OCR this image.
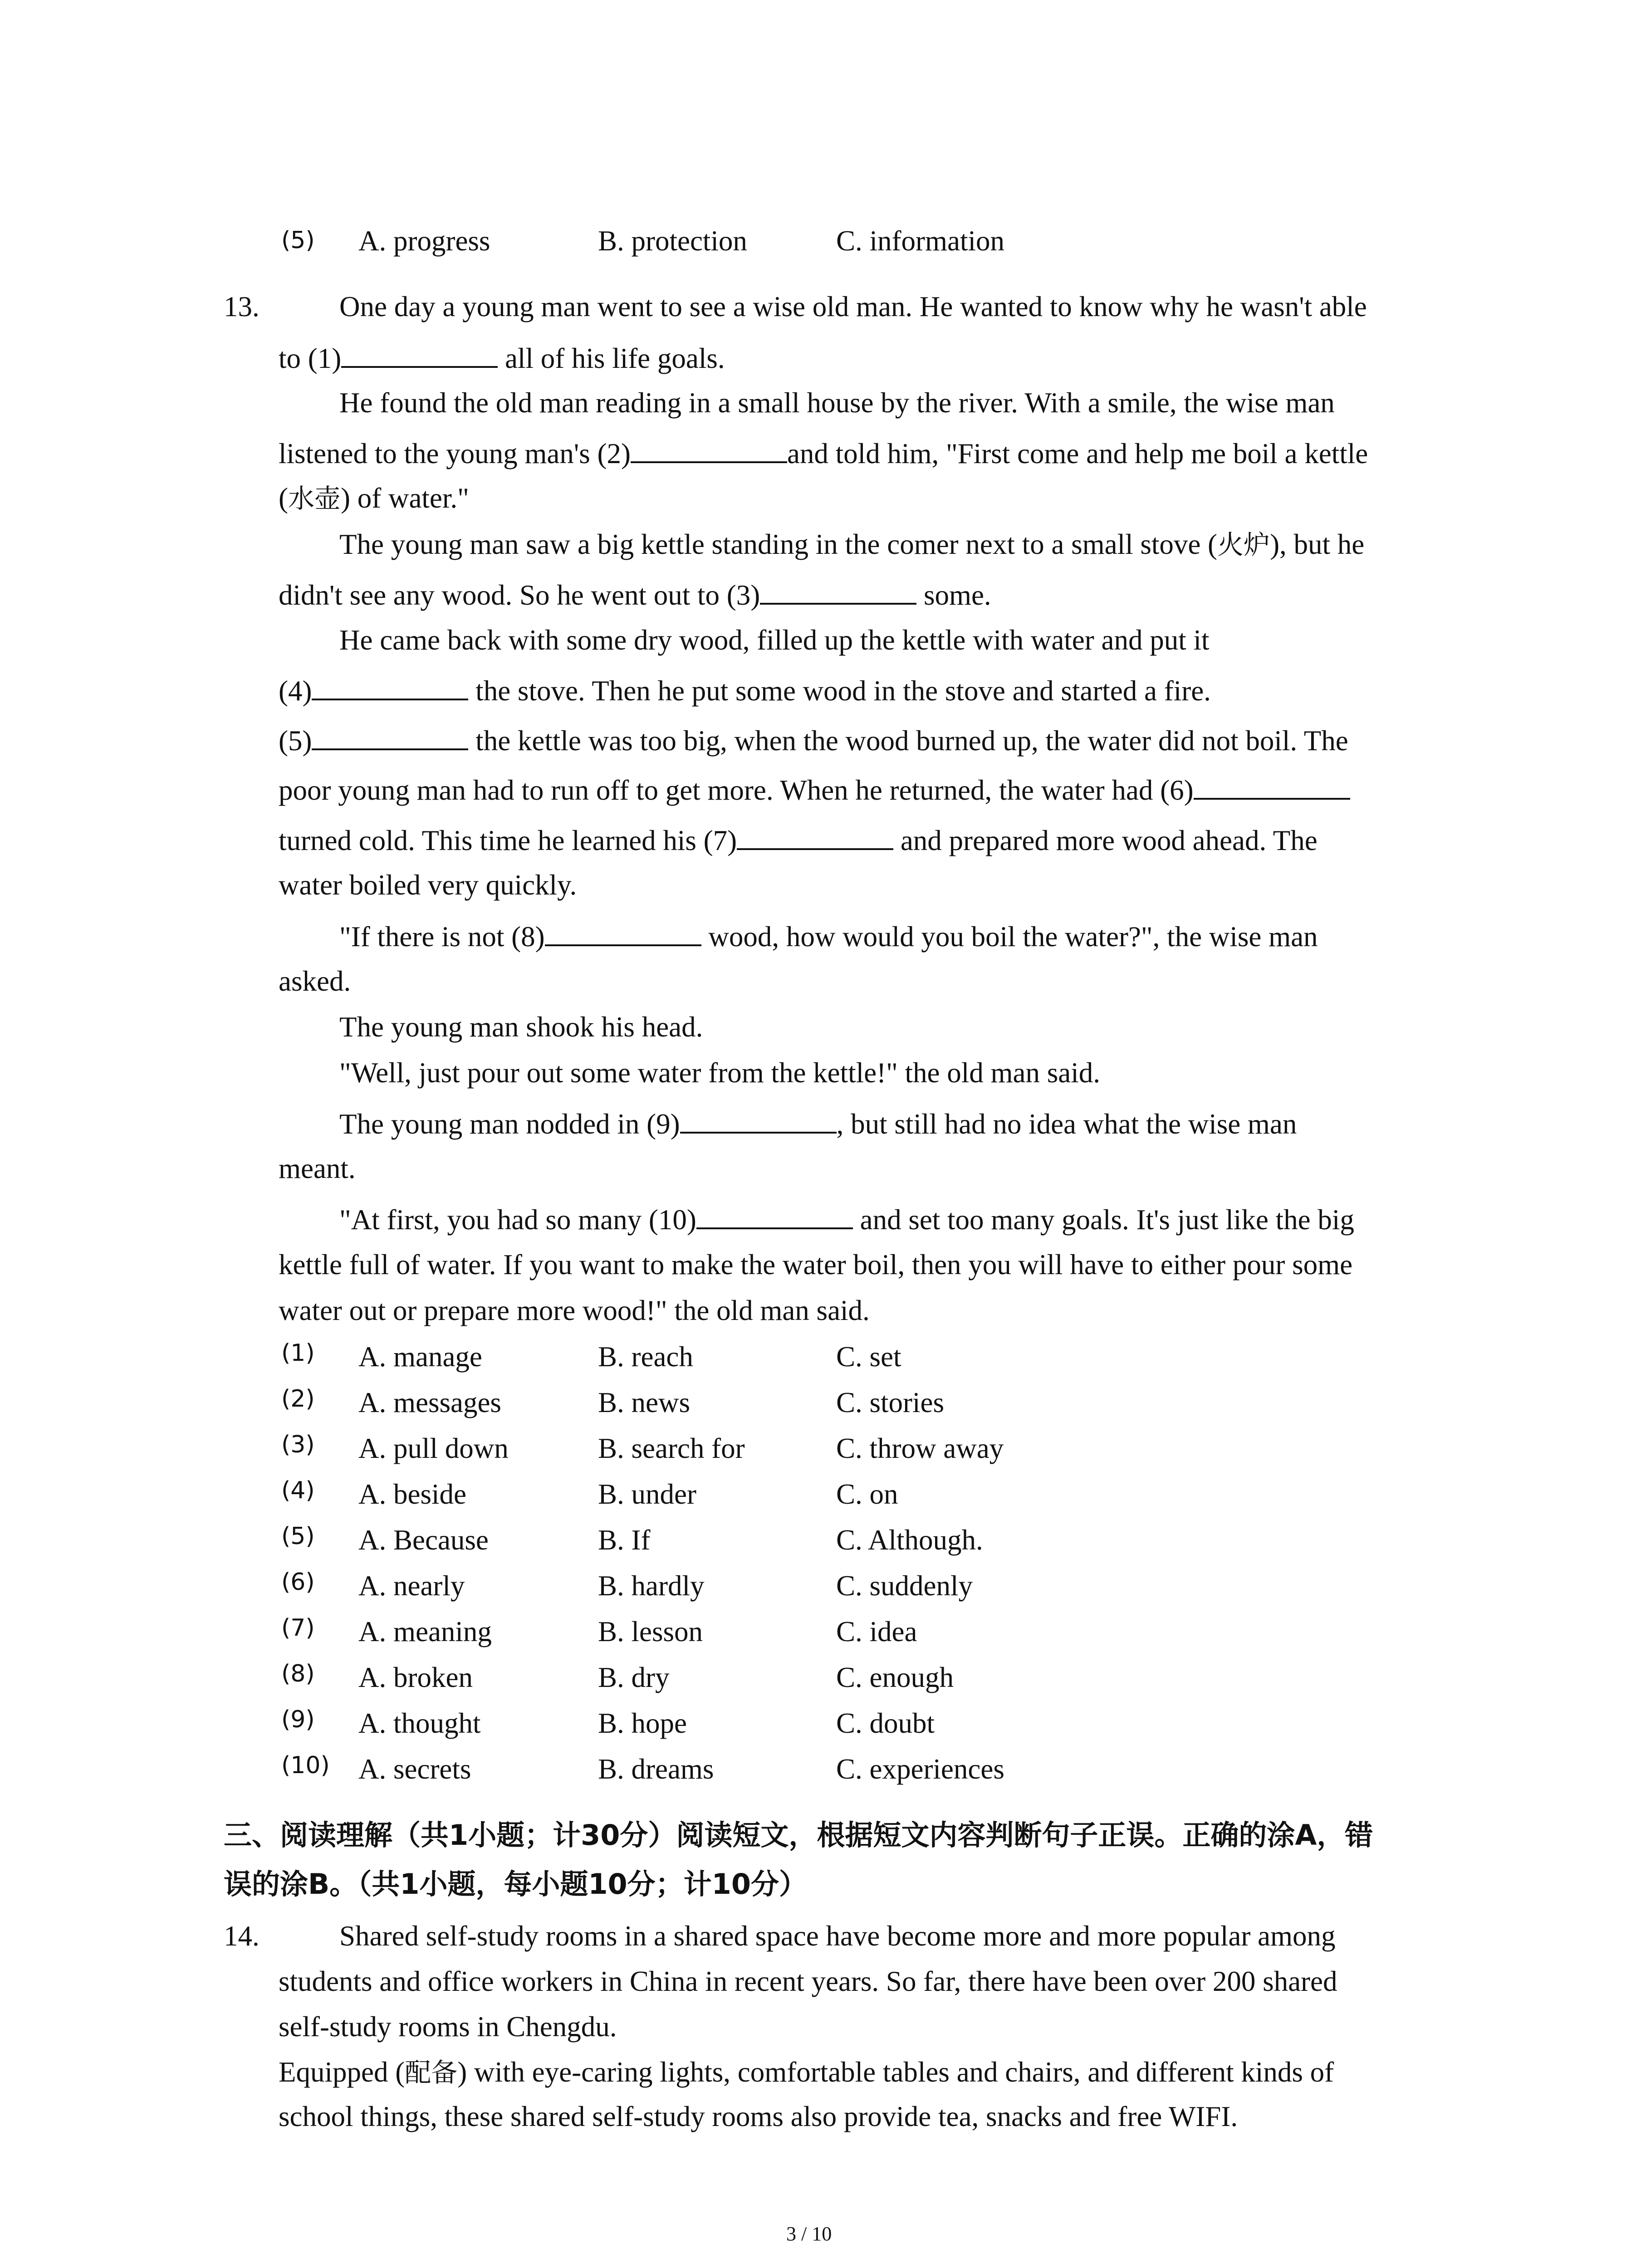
(5) A. progress	B. protection	C. information
13.	One day a young man went to see a wise old man. He wanted to know why he wasn't able
to (1)	all of his life goals.
He found the old man reading in a small house by the river. With a smile, the wise man
listened to the young man's (2)	and told him, "First come and help me boil a kettle
(水壶) of water."
The young man saw a big kettle standing in the comer next to a small stove (火炉), but he
didn't see any wood. So he went out to (3)	some.
He came back with some dry wood, filled up the kettle with water and put it
(4)	the stove. Then he put some wood in the stove and started a fire.
(5)	the kettle was too big, when the wood burned up, the water did not boil. The
poor young man had to run off to get more. When he returned, the water had (6)
turned cold. This time he learned his (7)	and prepared more wood ahead. The
water boiled very quickly.
"If there is not (8)	wood, how would you boil the water?", the wise man
asked.
The young man shook his head.
"Well, just pour out some water from the kettle!" the old man said.
The young man nodded in (9)	, but still had no idea what the wise man
meant.
"At first, you had so many (10)	and set too many goals. It's just like the big
kettle full of water. If you want to make the water boil, then you will have to either pour some
water out or prepare more wood!" the old man said.
(1) A. manage	B. reach	C. set
(2) A. messages	B. news	C. stories
(3) A. pull down	B. search for	C. throw away
(4) A. beside	B. under	C. on
(5) A. Because	B. If	C. Although.
(6) A. nearly	B. hardly	C. suddenly
(7) A. meaning	B. lesson	C. idea
(8) A. broken	B. dry	C. enough
(9) A. thought	B. hope	C. doubt
(10) A. secrets	B. dreams	C. experiences
三、阅读理解（共1小题；计30分）阅读短文，根据短文内容判断句子正误。正确的涂A，错
误的涂B。（共1小题，每小题10分；计10分）
14.	Shared self-study rooms in a shared space have become more and more popular among
students and office workers in China in recent years. So far, there have been over 200 shared
self-study rooms in Chengdu.
Equipped (配备) with eye-caring lights, comfortable tables and chairs, and different kinds of
school things, these shared self-study rooms also provide tea, snacks and free WIFI.
3 / 10
